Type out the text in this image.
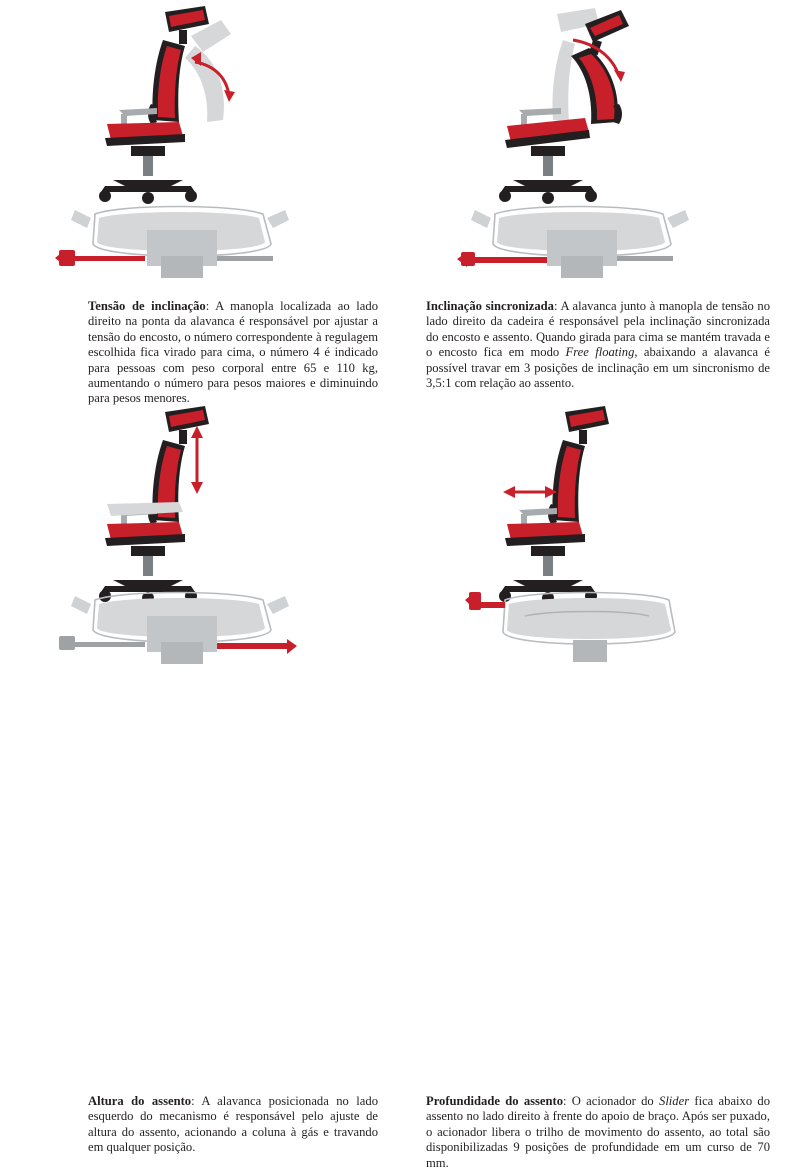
Tensão de inclinação: A manopla localizada ao lado direito na ponta da alavanca é responsável por ajustar a tensão do encosto, o número correspondente à regulagem escolhida fica virado para cima, o número 4 é indicado para pessoas com peso corporal entre 65 e 110 kg, aumentando o número para pesos maiores e diminuindo para pesos menores.
Inclinação sincronizada: A alavanca junto à manopla de tensão no lado direito da cadeira é responsável pela inclinação sincronizada do encosto e assento. Quando girada para cima se mantém travada e o encosto fica em modo Free floating, abaixando a alavanca é possível travar em 3 posições de inclinação em um sincronismo de 3,5:1 com relação ao assento.
Altura do assento: A alavanca posicionada no lado esquerdo do mecanismo é responsável pelo ajuste de altura do assento, acionando a coluna à gás e travando em qualquer posição.
Profundidade do assento: O acionador do Slider fica abaixo do assento no lado direito à frente do apoio de braço. Após ser puxado, o acionador libera o trilho de movimento do assento, ao total são disponibilizadas 9 posições de profundidade em um curso de 70 mm.
